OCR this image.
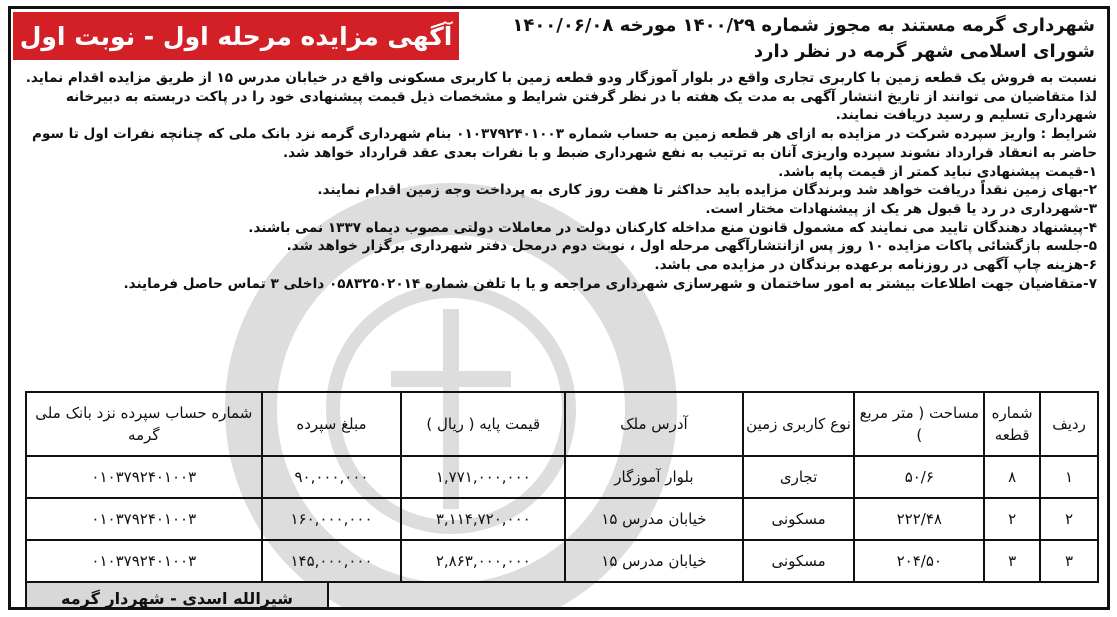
شهرداری گرمه مستند به مجوز شماره ۱۴۰۰/۲۹ مورخه ۱۴۰۰/۰۶/۰۸
شورای اسلامی شهر گرمه در نظر دارد
آگهی مزایده مرحله اول - نوبت اول

نسبت به فروش یک قطعه زمین با کاربری تجاری واقع در بلوار آموزگار ودو قطعه زمین با کاربری مسکونی واقع در خیابان مدرس ۱۵ از طریق مزایده اقدام نماید. لذا متقاضیان می توانند از تاریخ انتشار آگهی به مدت یک هفته با در نظر گرفتن شرایط و مشخصات ذیل قیمت پیشنهادی خود را در پاکت دربسته به دبیرخانه شهرداری تسلیم و رسید دریافت نمایند.

شرایط : واریز سپرده شرکت در مزایده به ازای هر قطعه زمین به حساب شماره ۰۱۰۳۷۹۲۴۰۱۰۰۳ بنام شهرداری گرمه نزد بانک ملی که چنانچه نفرات اول تا سوم حاضر به انعقاد قرارداد نشوند سپرده واریزی آنان به ترتیب به نفع شهرداری ضبط و با نفرات بعدی عقد قرارداد خواهد شد.

۱-قیمت پیشنهادی نباید کمتر از قیمت پایه باشد.

۲-بهای زمین نقداً دریافت خواهد شد وبرندگان مزایده باید حداکثر تا هفت روز کاری به پرداخت وجه زمین اقدام نمایند.

۳-شهرداری در رد یا قبول هر یک از پیشنهادات مختار است.

۴-پیشنهاد دهندگان تایید می نمایند که مشمول قانون منع مداخله کارکنان دولت در معاملات دولتی مصوب دیماه ۱۳۳۷ نمی باشند.

۵-جلسه بازگشائی پاکات مزایده ۱۰ روز پس ازانتشارآگهی مرحله اول ، نوبت دوم درمحل دفتر شهرداری برگزار خواهد شد.

۶-هزینه چاپ آگهی در روزنامه برعهده برندگان در مزایده می باشد.

۷-متقاضیان جهت اطلاعات بیشتر به امور ساختمان و شهرسازی شهرداری مراجعه و یا با تلفن شماره ۰۵۸۳۲۵۰۲۰۱۴ داخلی ۳ تماس حاصل فرمایند.

ردیف	شماره قطعه	مساحت ( متر مربع )	نوع کاربری زمین	آدرس ملک	قیمت پایه ( ریال )	مبلغ سپرده	شماره حساب سپرده نزد بانک ملی گرمه
۱	۸	۵۰/۶	تجاری	بلوار آموزگار	۱,۷۷۱,۰۰۰,۰۰۰	۹۰,۰۰۰,۰۰۰	۰۱۰۳۷۹۲۴۰۱۰۰۳
۲	۲	۲۲۲/۴۸	مسکونی	خیابان مدرس ۱۵	۳,۱۱۴,۷۲۰,۰۰۰	۱۶۰,۰۰۰,۰۰۰	۰۱۰۳۷۹۲۴۰۱۰۰۳
۳	۳	۲۰۴/۵۰	مسکونی	خیابان مدرس ۱۵	۲,۸۶۳,۰۰۰,۰۰۰	۱۴۵,۰۰۰,۰۰۰	۰۱۰۳۷۹۲۴۰۱۰۰۳
شیرالله اسدی - شهردار گرمه
